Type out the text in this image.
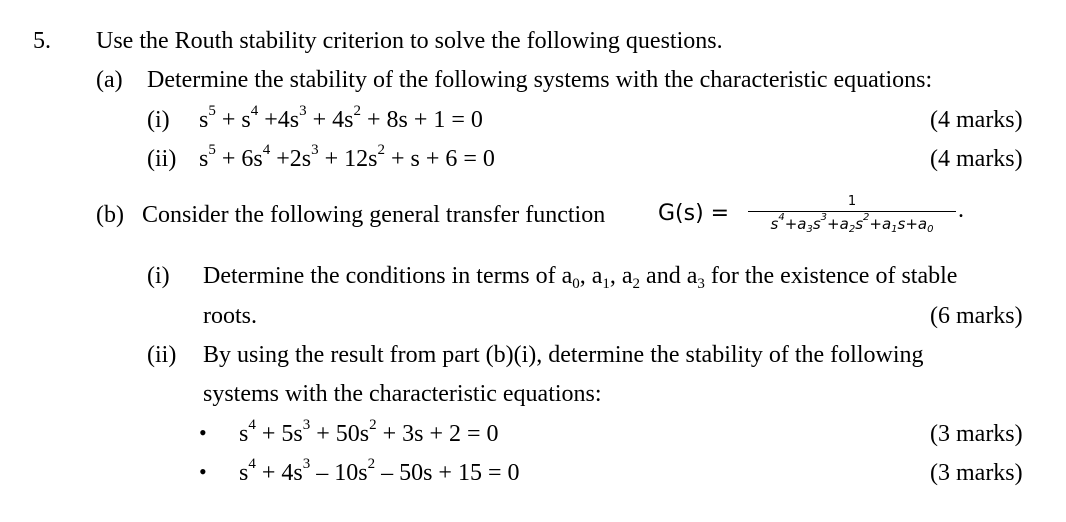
5. Use the Routh stability criterion to solve the following questions.
(a) Determine the stability of the following systems with the characteristic equations:
(i) $s^5 + s^4 +4s^3 + 4s^2 + 8s + 1 = 0$	(4 marks)
(ii) $s^5 + 6s^4 +2s^3 + 12s^2 + s + 6 = 0$	(4 marks)
(b) Consider the following general transfer function G(s) =	1
$s^4+a_3s^3+a_2s^2+a_1s+a_0$
.
(i) Determine the conditions in terms of $a_0$, $a_1$, $a_2$ and $a_3$ for the existence of stable
roots.	(6 marks)
(ii) By using the result from part (b)(i), determine the stability of the following
systems with the characteristic equations:
• $s^4 + 5s^3 + 50s^2 + 3s + 2 = 0$	(3 marks)
• $s^4 + 4s^3 - 10s^2 - 50s + 15 = 0$	(3 marks)
